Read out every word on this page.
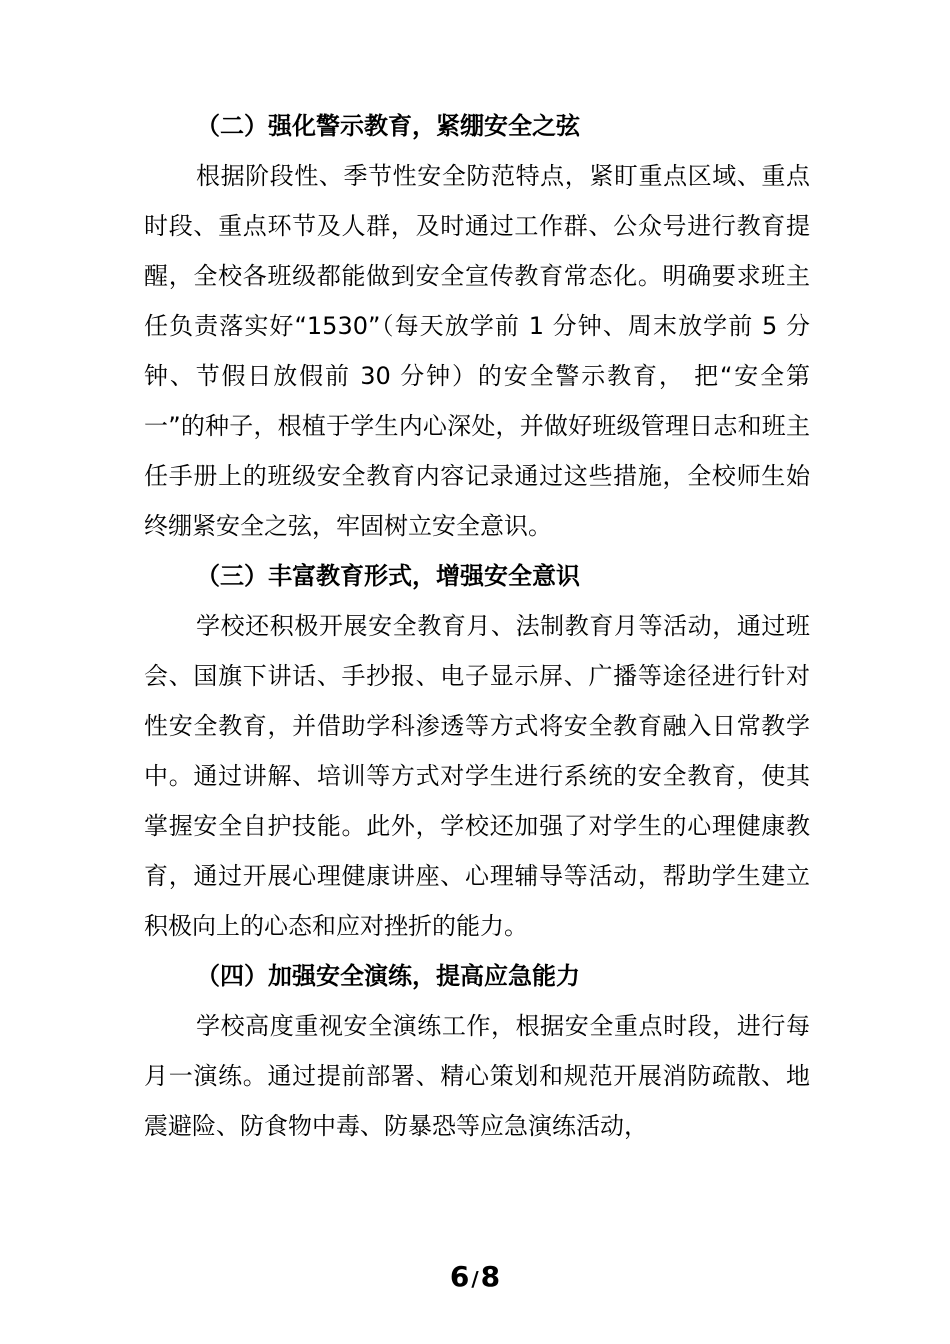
（二）强化警示教育，紧绷安全之弦

根据阶段性、季节性安全防范特点，紧盯重点区域、重点时段、重点环节及人群，及时通过工作群、公众号进行教育提醒，全校各班级都能做到安全宣传教育常态化。明确要求班主任负责落实好“1530”（每天放学前 1 分钟、周末放学前 5 分钟、节假日放假前 30 分钟）的安全警示教育， 把“安全第一”的种子，根植于学生内心深处，并做好班级管理日志和班主任手册上的班级安全教育内容记录通过这些措施，全校师生始终绷紧安全之弦，牢固树立安全意识。

（三）丰富教育形式，增强安全意识

学校还积极开展安全教育月、法制教育月等活动，通过班会、国旗下讲话、手抄报、电子显示屏、广播等途径进行针对性安全教育，并借助学科渗透等方式将安全教育融入日常教学中。通过讲解、培训等方式对学生进行系统的安全教育，使其掌握安全自护技能。此外，学校还加强了对学生的心理健康教育，通过开展心理健康讲座、心理辅导等活动，帮助学生建立积极向上的心态和应对挫折的能力。

（四）加强安全演练，提高应急能力

学校高度重视安全演练工作，根据安全重点时段，进行每月一演练。通过提前部署、精心策划和规范开展消防疏散、地震避险、防食物中毒、防暴恐等应急演练活动，

6 /8
